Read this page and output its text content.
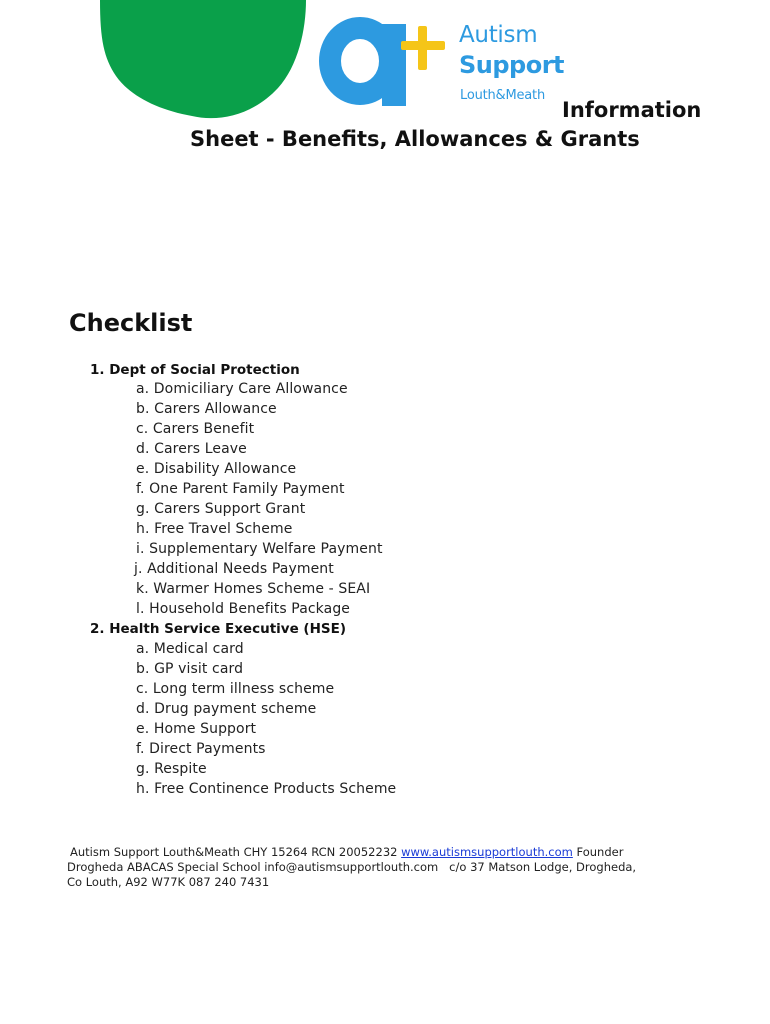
Autism
Support
Louth&Meath
Information
Sheet - Benefits, Allowances & Grants
Checklist
1. Dept of Social Protection
a. Domiciliary Care Allowance
b. Carers Allowance
c. Carers Benefit
d. Carers Leave
e. Disability Allowance
f. One Parent Family Payment
g. Carers Support Grant
h. Free Travel Scheme
i. Supplementary Welfare Payment
j. Additional Needs Payment
k. Warmer Homes Scheme - SEAI
l. Household Benefits Package
2. Health Service Executive (HSE)
a. Medical card
b. GP visit card
c. Long term illness scheme
d. Drug payment scheme
e. Home Support
f. Direct Payments
g. Respite
h. Free Continence Products Scheme
Autism Support Louth&Meath CHY 15264 RCN 20052232 www.autismsupportlouth.com Founder
Drogheda ABACAS Special School info@autismsupportlouth.com   c/o 37 Matson Lodge, Drogheda,
Co Louth, A92 W77K 087 240 7431
